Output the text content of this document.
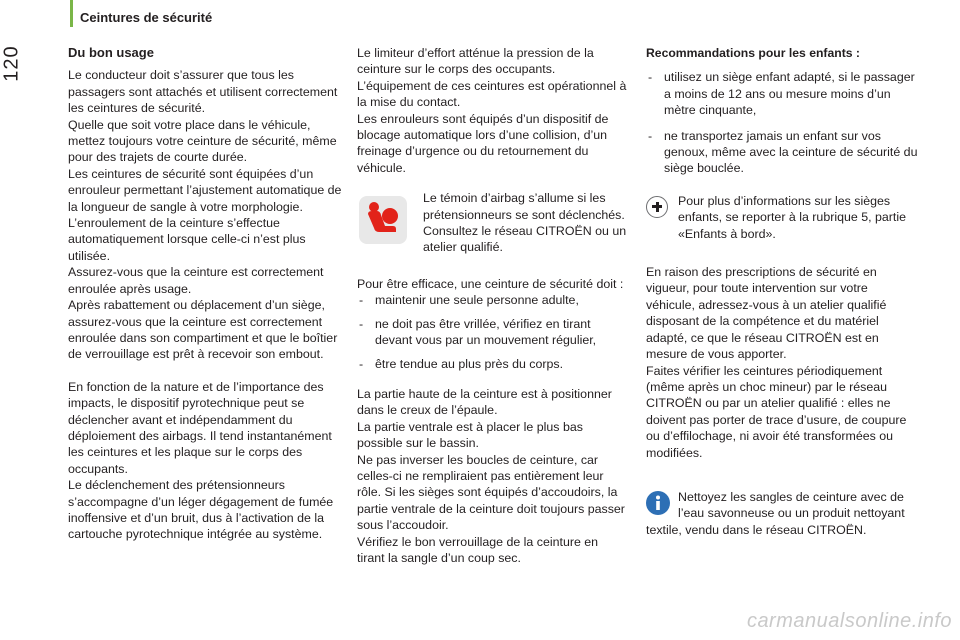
Ceintures de sécurité
120	Du bon usage

Le conducteur doit s’assurer que tous les passagers sont attachés et utilisent correctement les ceintures de sécurité.
Quelle que soit votre place dans le véhicule, mettez toujours votre ceinture de sécurité, même pour des trajets de courte durée.
Les ceintures de sécurité sont équipées d’un enrouleur permettant l’ajustement automatique de la longueur de sangle à votre morphologie. L’enroulement de la ceinture s’effectue automatiquement lorsque celle-ci n’est plus utilisée.
Assurez-vous que la ceinture est correctement enroulée après usage.
Après rabattement ou déplacement d’un siège, assurez-vous que la ceinture est correctement enroulée dans son compartiment et que le boîtier de verrouillage est prêt à recevoir son embout.

En fonction de la nature et de l’importance des impacts, le dispositif pyrotechnique peut se déclencher avant et indépendamment du déploiement des airbags. Il tend instantanément les ceintures et les plaque sur le corps des occupants.
Le déclenchement des prétensionneurs s’accompagne d’un léger dégagement de fumée inoffensive et d’un bruit, dus à l’activation de la cartouche pyrotechnique intégrée au système.

Le limiteur d’effort atténue la pression de la ceinture sur le corps des occupants.
L’équipement de ces ceintures est opérationnel à la mise du contact.
Les enrouleurs sont équipés d’un dispositif de blocage automatique lors d’une collision, d’un freinage d’urgence ou du retournement du véhicule.

Le témoin d’airbag s’allume si les prétensionneurs se sont déclenchés. Consultez le réseau CITROËN ou un atelier qualifié.

Pour être efficace, une ceinture de sécurité doit :

- maintenir une seule personne adulte,
- ne doit pas être vrillée, vérifiez en tirant devant vous par un mouvement régulier,
- être tendue au plus près du corps.

La partie haute de la ceinture est à positionner dans le creux de l’épaule.
La partie ventrale est à placer le plus bas possible sur le bassin.
Ne pas inverser les boucles de ceinture, car celles-ci ne rempliraient pas entièrement leur rôle. Si les sièges sont équipés d’accoudoirs, la partie ventrale de la ceinture doit toujours passer sous l’accoudoir.
Vérifiez le bon verrouillage de la ceinture en tirant la sangle d’un coup sec.

Recommandations pour les enfants :
- utilisez un siège enfant adapté, si le passager a moins de 12 ans ou mesure moins d’un mètre cinquante,
- ne transportez jamais un enfant sur vos genoux, même avec la ceinture de sécurité du siège bouclée.

Pour plus d’informations sur les sièges enfants, se reporter à la rubrique 5, partie «Enfants à bord».

En raison des prescriptions de sécurité en vigueur, pour toute intervention sur votre véhicule, adressez-vous à un atelier qualifié disposant de la compétence et du matériel adapté, ce que le réseau CITROËN est en mesure de vous apporter.
Faites vérifier les ceintures périodiquement (même après un choc mineur) par le réseau CITROËN ou par un atelier qualifié : elles ne doivent pas porter de trace d’usure, de coupure ou d’effilochage, ni avoir été transformées ou modifiées.

Nettoyez les sangles de ceinture avec de l’eau savonneuse ou un produit nettoyant textile, vendu dans le réseau CITROËN.

carmanualsonline.info
